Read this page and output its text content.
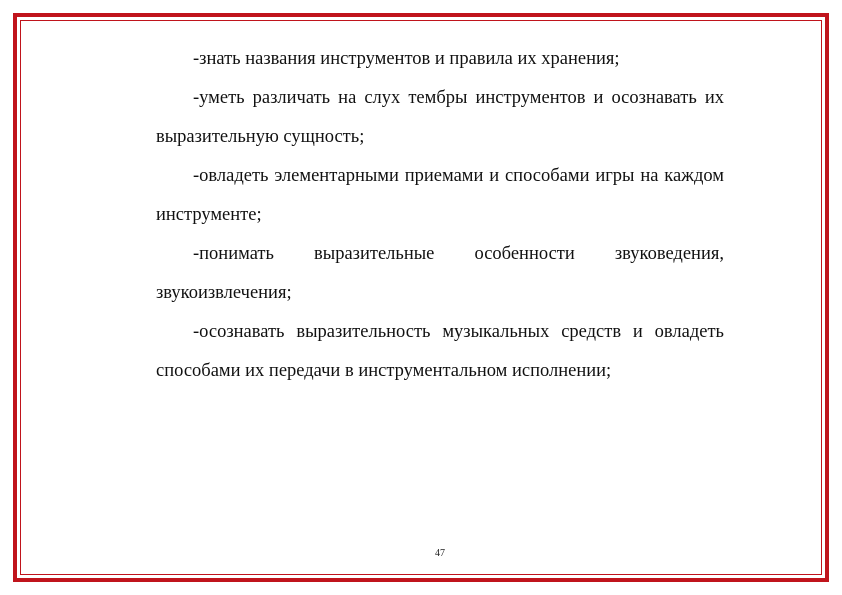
-знать названия инструментов и правила их хранения;

-уметь различать на слух тембры инструментов и осознавать их выразительную сущность;

-овладеть элементарными приемами и способами игры на каждом инструменте;

-понимать выразительные особенности звуковедения, звукоизвлечения;

-осознавать выразительность музыкальных средств и овладеть способами их передачи в инструментальном исполнении;

47
